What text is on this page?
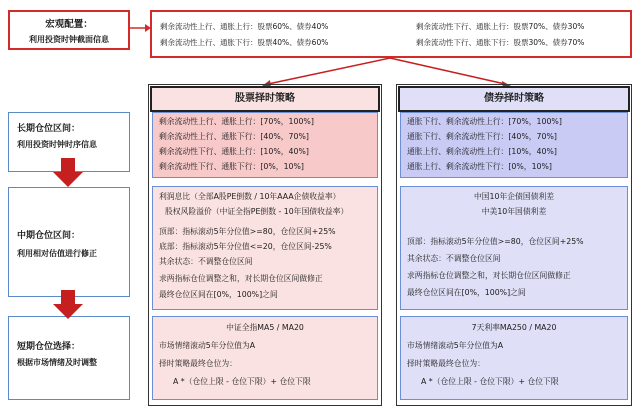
宏观配置：
利用投资时钟截面信息
剩余流动性上行、通胀上行：股票60%、债券40%
剩余流动性上行、通胀下行：股票40%、债券60%
剩余流动性下行、通胀上行：股票70%、债券30%
剩余流动性下行、通胀下行：股票30%、债券70%
长期仓位区间：
利用投资时钟时序信息
中期仓位区间：
利用相对估值进行修正
短期仓位选择：
根据市场情绪及时调整
股票择时策略
剩余流动性上行、通胀上行：[70%，100%]
剩余流动性上行、通胀下行：[40%，70%]
剩余流动性下行、通胀上行：[10%，40%]
剩余流动性下行、通胀下行：[0%，10%]
利润息比（全部A股PE倒数 / 10年AAA企债收益率）
股权风险溢价（中证全指PE倒数 - 10年国债收益率）
顶部：指标滚动5年分位值>=80，仓位区间+25%
底部：指标滚动5年分位值<=20，仓位区间-25%
其余状态：不调整仓位区间
求两指标仓位调整之和，对长期仓位区间做修正
最终仓位区间在[0%，100%]之间
中证全指MA5 / MA20
市场情绪滚动5年分位值为A
择时策略最终仓位为：
A *（仓位上限 - 仓位下限）+ 仓位下限
债券择时策略
通胀下行、剩余流动性上行：[70%，100%]
通胀下行、剩余流动性下行：[40%，70%]
通胀上行、剩余流动性上行：[10%，40%]
通胀上行、剩余流动性下行：[0%，10%]
中国10年企债国债利差
中美10年国债利差
顶部：指标滚动5年分位值>=80，仓位区间+25%
其余状态：不调整仓位区间
求两指标仓位调整之和，对长期仓位区间做修正
最终仓位区间在[0%，100%]之间
7天利率MA250 / MA20
市场情绪滚动5年分位值为A
择时策略最终仓位为：
A *（仓位上限 - 仓位下限）+ 仓位下限
